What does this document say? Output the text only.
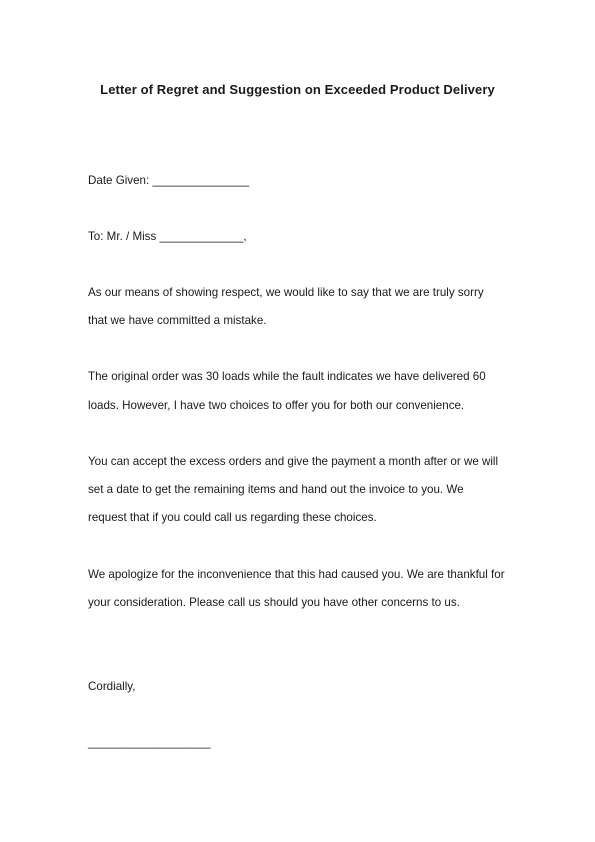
Letter of Regret and Suggestion on Exceeded Product Delivery
Date Given: _______________
To: Mr. / Miss _____________,
As our means of showing respect, we would like to say that we are truly sorry
that we have committed a mistake.
The original order was 30 loads while the fault indicates we have delivered 60
loads. However, I have two choices to offer you for both our convenience.
You can accept the excess orders and give the payment a month after or we will
set a date to get the remaining items and hand out the invoice to you. We
request that if you could call us regarding these choices.
We apologize for the inconvenience that this had caused you. We are thankful for
your consideration. Please call us should you have other concerns to us.
Cordially,
___________________
